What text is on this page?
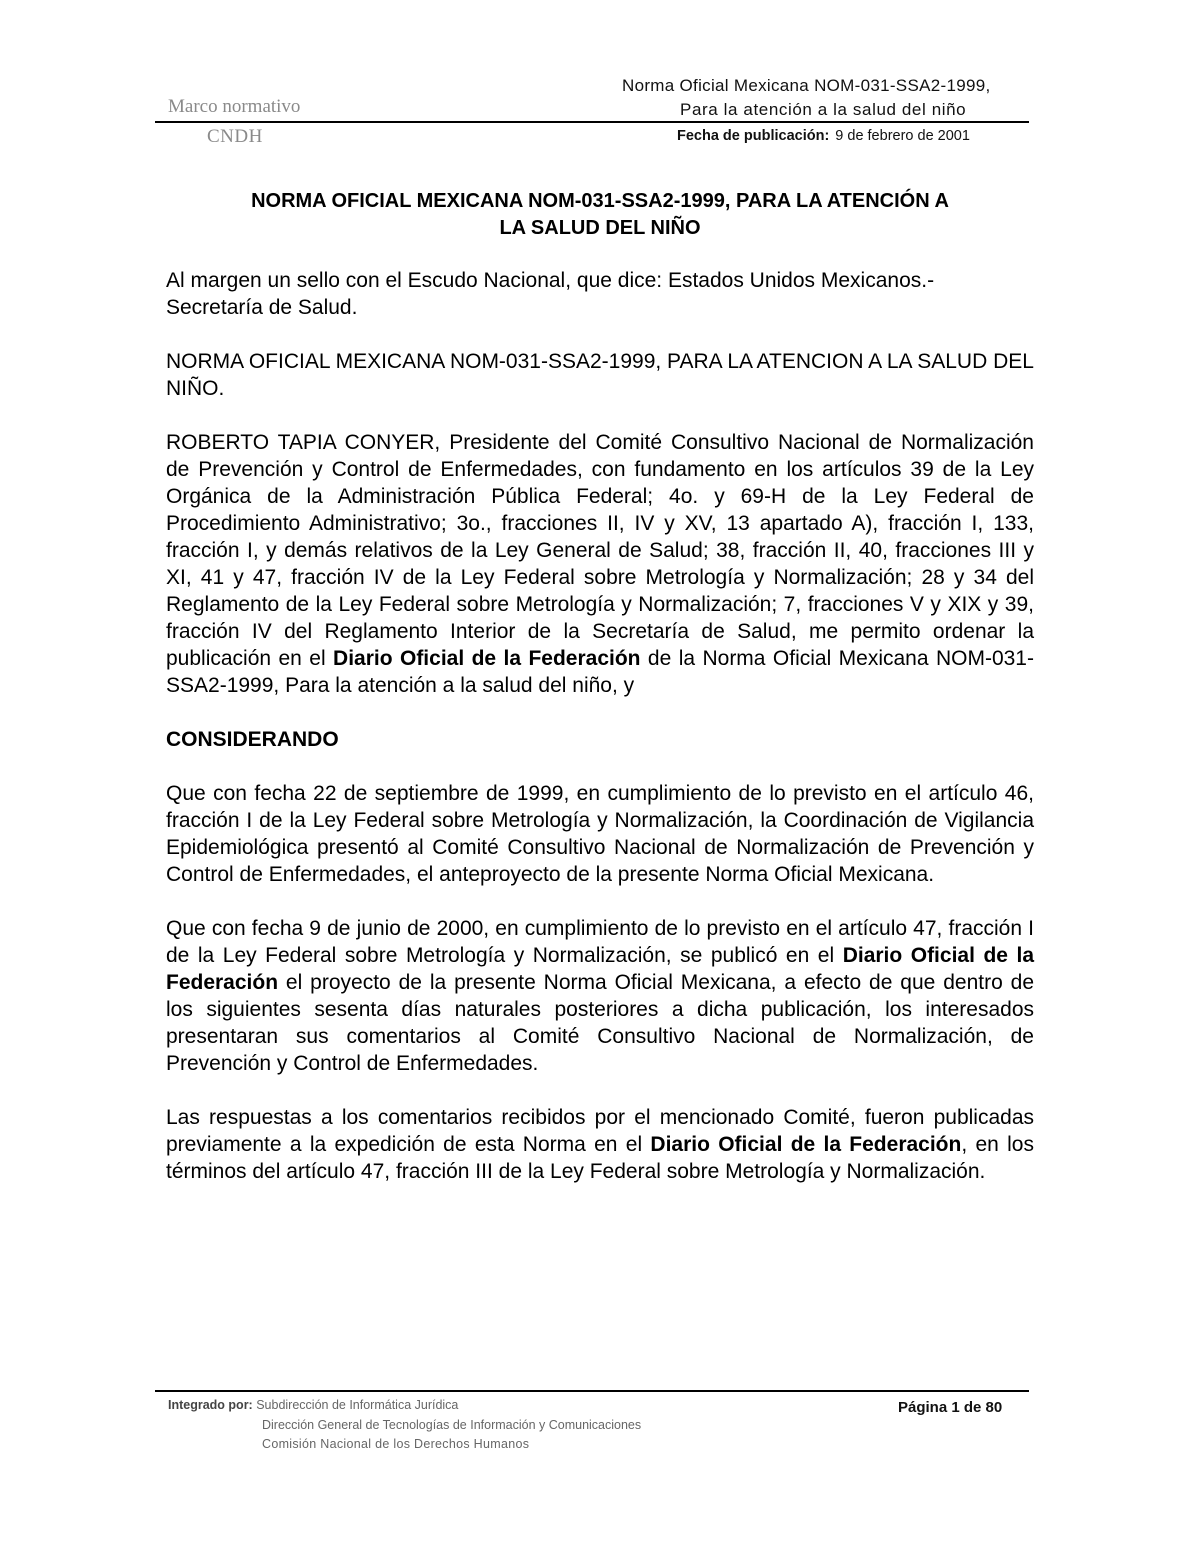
Marco normativo
CNDH
Norma Oficial Mexicana NOM-031-SSA2-1999,
Para la atención a la salud del niño
Fecha de publicación: 9 de febrero de 2001
NORMA OFICIAL MEXICANA NOM-031-SSA2-1999, PARA LA ATENCIÓN A
LA SALUD DEL NIÑO

Al margen un sello con el Escudo Nacional, que dice: Estados Unidos Mexicanos.- Secretaría de Salud.

NORMA OFICIAL MEXICANA NOM-031-SSA2-1999, PARA LA ATENCION A LA SALUD DEL NIÑO.

ROBERTO TAPIA CONYER, Presidente del Comité Consultivo Nacional de Normalización de Prevención y Control de Enfermedades, con fundamento en los artículos 39 de la Ley Orgánica de la Administración Pública Federal; 4o. y 69-H de la Ley Federal de Procedimiento Administrativo; 3o., fracciones II, IV y XV, 13 apartado A), fracción I, 133, fracción I, y demás relativos de la Ley General de Salud; 38, fracción II, 40, fracciones III y XI, 41 y 47, fracción IV de la Ley Federal sobre Metrología y Normalización; 28 y 34 del Reglamento de la Ley Federal sobre Metrología y Normalización; 7, fracciones V y XIX y 39, fracción IV del Reglamento Interior de la Secretaría de Salud, me permito ordenar la publicación en el Diario Oficial de la Federación de la Norma Oficial Mexicana NOM-031-SSA2-1999, Para la atención a la salud del niño, y

CONSIDERANDO

Que con fecha 22 de septiembre de 1999, en cumplimiento de lo previsto en el artículo 46, fracción I de la Ley Federal sobre Metrología y Normalización, la Coordinación de Vigilancia Epidemiológica presentó al Comité Consultivo Nacional de Normalización de Prevención y Control de Enfermedades, el anteproyecto de la presente Norma Oficial Mexicana.

Que con fecha 9 de junio de 2000, en cumplimiento de lo previsto en el artículo 47, fracción I de la Ley Federal sobre Metrología y Normalización, se publicó en el Diario Oficial de la Federación el proyecto de la presente Norma Oficial Mexicana, a efecto de que dentro de los siguientes sesenta días naturales posteriores a dicha publicación, los interesados presentaran sus comentarios al Comité Consultivo Nacional de Normalización, de Prevención y Control de Enfermedades.

Las respuestas a los comentarios recibidos por el mencionado Comité, fueron publicadas previamente a la expedición de esta Norma en el Diario Oficial de la Federación, en los términos del artículo 47, fracción III de la Ley Federal sobre Metrología y Normalización.

Integrado por: Subdirección de Informática Jurídica
Dirección General de Tecnologías de Información y Comunicaciones
Comisión Nacional de los Derechos Humanos
Página 1 de 80
